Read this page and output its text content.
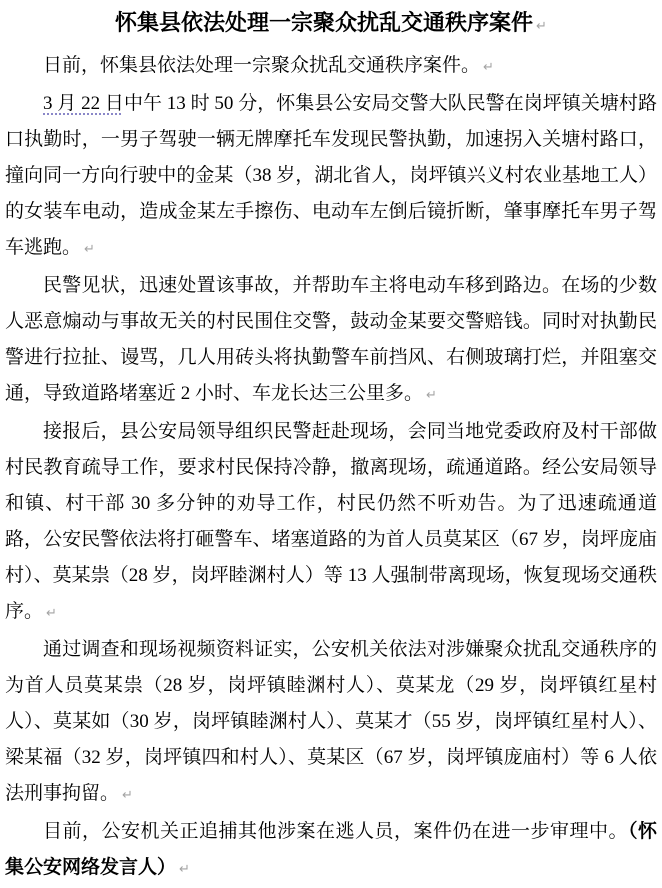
怀集县依法处理一宗聚众扰乱交通秩序案件 ↵

日前，怀集县依法处理一宗聚众扰乱交通秩序案件。 ↵

3 月 22 日中午 13 时 50 分，怀集县公安局交警大队民警在岗坪镇关塘村路口执勤时，一男子驾驶一辆无牌摩托车发现民警执勤，加速拐入关塘村路口，撞向同一方向行驶中的金某（38 岁，湖北省人，岗坪镇兴义村农业基地工人）的女装车电动，造成金某左手擦伤、电动车左倒后镜折断，肇事摩托车男子驾车逃跑。 ↵

民警见状，迅速处置该事故，并帮助车主将电动车移到路边。在场的少数人恶意煽动与事故无关的村民围住交警，鼓动金某要交警赔钱。同时对执勤民警进行拉扯、谩骂，几人用砖头将执勤警车前挡风、右侧玻璃打烂，并阻塞交通，导致道路堵塞近 2 小时、车龙长达三公里多。 ↵

接报后，县公安局领导组织民警赶赴现场，会同当地党委政府及村干部做村民教育疏导工作，要求村民保持冷静，撤离现场，疏通道路。经公安局领导和镇、村干部 30 多分钟的劝导工作，村民仍然不听劝告。为了迅速疏通道路，公安民警依法将打砸警车、堵塞道路的为首人员莫某区（67 岁，岗坪庞庙村）、莫某祟（28 岁，岗坪睦渊村人）等 13 人强制带离现场，恢复现场交通秩序。 ↵

通过调查和现场视频资料证实，公安机关依法对涉嫌聚众扰乱交通秩序的为首人员莫某祟（28 岁，岗坪镇睦渊村人）、莫某龙（29 岁，岗坪镇红星村人）、莫某如（30 岁，岗坪镇睦渊村人）、莫某才（55 岁，岗坪镇红星村人）、梁某福（32 岁，岗坪镇四和村人）、莫某区（67 岁，岗坪镇庞庙村）等 6 人依法刑事拘留。 ↵

目前，公安机关正追捕其他涉案在逃人员，案件仍在进一步审理中。（怀集公安网络发言人） ↵
